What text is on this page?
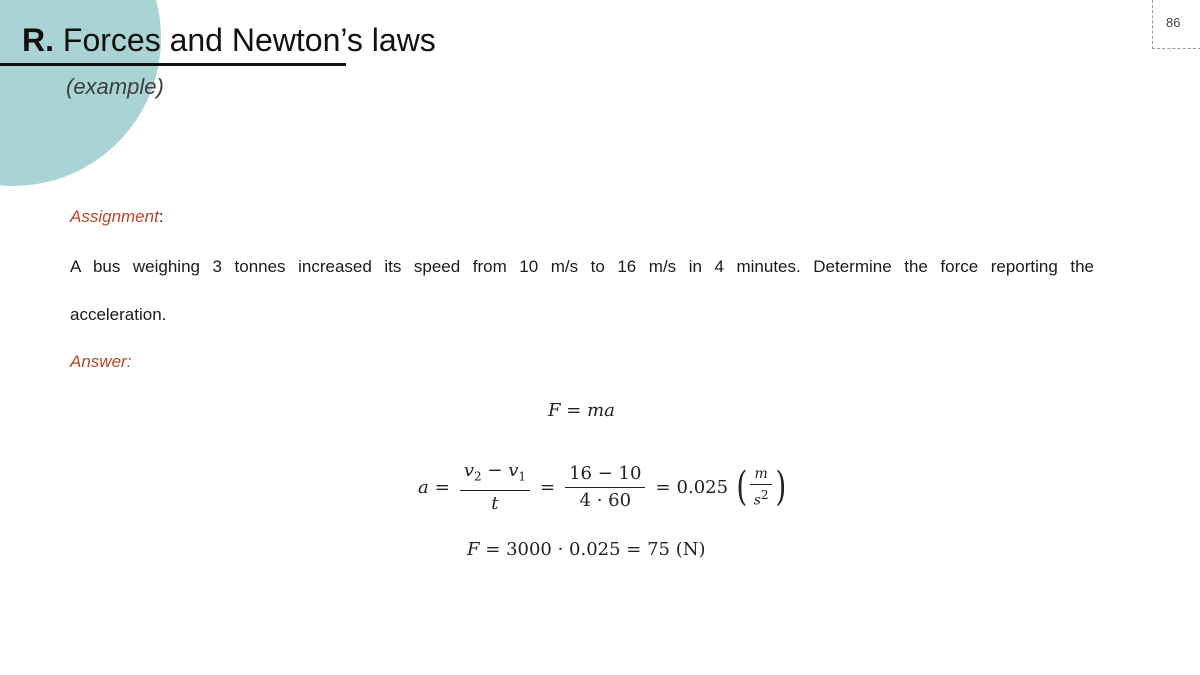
R. Forces and Newton’s laws
(example)
86
Assignment:
A bus weighing 3 tonnes increased its speed from 10 m/s to 16 m/s in 4 minutes. Determine the force reporting the
acceleration.
Answer:
F = ma
$a = \frac{v_2 - v_1}{t} = \frac{16 - 10}{4 \cdot 60} = 0.025$ ( $\frac{m}{s^2}$ )
F = 3000 · 0.025 = 75 (N)
